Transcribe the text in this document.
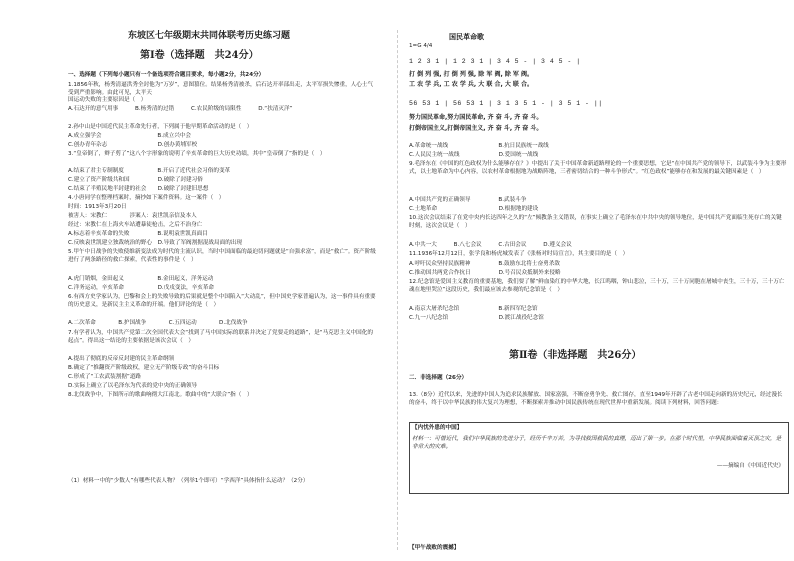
东坡区七年级期末共同体联考历史练习题
第Ⅰ卷（选择题　共24分）
一、选择题（下列每小题只有一个备选项符合题目要求，每小题2分，共24分）
1.1856年秋，杨秀清逼洪秀全封他为“万岁”，意图篡位。结果杨秀清被杀，后石达开率部出走，太平军损失惨重，人心士气受到严重影响。由此可见，太平天
国运动失败的主要原因是（　）
A.石达开的意气用事　　　B.杨秀清的过错　　　C.农民阶级的局限性　　　D.“扶清灭洋”
2.孙中山是中国近代民主革命先行者，下列属于他早期革命活动的是（　）
A.成立强学会　　　　　　　　　　B.成立兴中会
C.创办青年杂志　　　　　　　　　D.创办黄埔军校
3.“皇帝倒了，辫子剪了”这八个字形象的说明了辛亥革命的巨大历史功绩，其中“皇帝倒了”指的是（　）
A.结束了君主专制制度　　　　　　B.开启了近代社会习俗的变革
C.建立了资产阶级共和国　　　　　D.破除了封建习俗
C.结束了半殖民地半封建的社会　　D.破除了封建旧思想
4.小唐同学在整理档案时，摘抄如下案件资料。这一案件（　）
时间：1913年3月20日
被害人：宋教仁　　　　涉案人：袁世凯亲信及本人
经过：宋教仁在上海火车站遭暴徒枪击，之后不治身亡
A.标志着辛亥革命的失败　　　　　B.说明袁世凯真面目
C.反映袁世凯建立独裁统治的野心　D.导致了军阀割据混战局面的出现
5.甲午中日战争的失败使维新变法成为时代的主流认识，当时中国面临的最迫切问题就是“自强求富”，而是“救亡”。资产阶级进行了两条路径的救亡探索，代表性的事件是（　）
A.虎门销烟，金田起义　　　　　　B.金田起义，洋务运动
C.洋务运动，辛亥革命　　　　　　D.戊戌变法，辛亥革命
6.有西方史学家认为，巴黎和会上的失败导致的后果就是整个中国陷入“大动乱”，但中国史学家普遍认为，这一事件具有重要的历史意义，是新民主主义革命的开端。他们评论的是（　）
A.二次革命　　　　B.护国战争　　　　C.五四运动　　　　D.北伐战争
7.有学者认为，中国共产党第二次全国代表大会“找到了马中国实际的联系并决定了党要走的道路”，是“马克思主义中国化的起点”。得出这一结论的主要依据是该次会议（　）
A.提出了彻底的反帝反封建的民主革命纲领
B.确定了“推翻资产阶级政权，建立无产阶级专政”的奋斗目标
C.形成了“工农武装割据”道路
D.实际上确立了以毛泽东为代表的党中央的正确领导
8.北伐战争中，下图所示的歌曲响彻大江南北。歌曲中的“大联合”指（　）
（1）材料一中的“少数人”有哪些代表人物？（列举1个即可）“学西洋”具体指什么运动？（2分）
国民革命歌
1=G 4/4
1 2 3 1 | 1 2 3 1 | 3 4 5 - | 3 4 5 - |
打 倒 列 强, 打 倒 列 强, 除 军 阀, 除 军 阀。
工 农 学 兵, 工 农 学 兵, 大 联 合, 大 联 合。
56 53 1 | 56 53 1 | 3 1 3 5 1 - | 3 5 1 - ||
努力国民革命,努力国民革命, 齐 奋 斗, 齐 奋 斗。
打倒帝国主义,打倒帝国主义, 齐 奋 斗, 齐 奋 斗。
A.革命统一战线　　　　　　　　　B.抗日民族统一战线
C.人民民主统一战线　　　　　　　D.爱国统一战线
9.毛泽东在《中国的红色政权为什么能够存在？》中提出了关于中国革命新道路理论的一个重要思想，它是“在中国共产党的领导下，以武装斗争为主要形式，以土地革命为中心内容，以农村革命根据地为战略阵地，三者密切结合的一种斗争形式”。“红色政权”能够存在和发展的最关键因素是（　）
A.中国共产党的正确领导　　　　　B.武装斗争
C.土地革命　　　　　　　　　　　D.根据地的建设
10.这次会议结束了在党中央内长达四年之久的“左”倾教条主义错误，在事实上确立了毛泽东在中共中央的领导地位，是中国共产党面临生死存亡的关键时刻，这次会议是（　）
A.中共一大　　　B.八七会议　　　C.古田会议　　　D.遵义会议
11.1936年12月12日，张学良和杨虎城发表了《张杨对时局宣言》，其主要目的是（　）
A.呼吁民众坚持民族精神　　　　　B.鼓励东北将士奋勇杀敌
C.推动国共两党合作抗日　　　　　D.号召民众抵制外来侵略
12.纪念馆是爱国主义教育的重要基地，我们要了解“鲜血染红的中华大地，长江呜咽，钟山悲泣，三十万，三十万同胞在屠城中丧生，三十万，三十万亡魂在地里哭泣”这段历史，我们最应该去参观的纪念馆是（　）
A.南京大屠杀纪念馆　　　　　　　B.新四军纪念馆
C.九一八纪念馆　　　　　　　　　D.渡江战役纪念馆
第Ⅱ卷（非选择题　共26分）
二．非选择题（26分）
13.（8分）近代以来，先进的中国人为追求民族解放、国家富强，不断奋勇争先、救亡图存，直至1949年开辟了古老中国走向新的历史纪元，经过漫长的奋斗，终于以中华民族的伟大复兴为理想，不断探索并推动中国民族传统在现代世界中重新发展。阅读下列材料，回答问题：
【内忧外患的中国】
材料一：可惜近代，我们中华民族的先进分子，经历千辛万苦，为寻找救国救民的真理，迈出了第一步。在那个时代里，中华民族面临着灭顶之灾，是非常大的灾难。
——摘编自《中国近代史》
【甲午战败的震撼】
